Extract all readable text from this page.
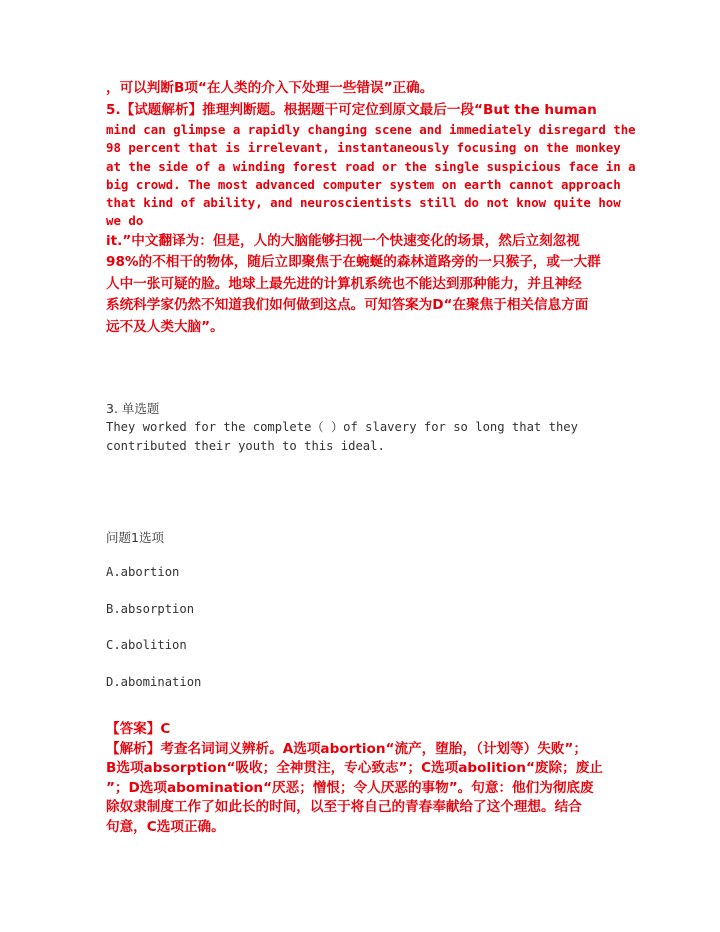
，可以判断B项“在人类的介入下处理一些错误”正确。
5.【试题解析】推理判断题。根据题干可定位到原文最后一段“But the human
mind can glimpse a rapidly changing scene and immediately disregard the
98 percent that is irrelevant, instantaneously focusing on the monkey
at the side of a winding forest road or the single suspicious face in a
big crowd. The most advanced computer system on earth cannot approach
that kind of ability, and neuroscientists still do not know quite how
we do
it.”中文翻译为：但是，人的大脑能够扫视一个快速变化的场景，然后立刻忽视
98%的不相干的物体，随后立即聚焦于在蜿蜒的森林道路旁的一只猴子，或一大群
人中一张可疑的脸。地球上最先进的计算机系统也不能达到那种能力，并且神经
系统科学家仍然不知道我们如何做到这点。可知答案为D“在聚焦于相关信息方面
远不及人类大脑”。
3. 单选题
They worked for the complete（ ）of slavery for so long that they
contributed their youth to this ideal.
问题1选项
A.abortion
B.absorption
C.abolition
D.abomination
【答案】C
【解析】考查名词词义辨析。A选项abortion“流产，堕胎，（计划等）失败”；
B选项absorption“吸收；全神贯注，专心致志”；C选项abolition“废除；废止
”；D选项abomination“厌恶；憎恨；令人厌恶的事物”。句意：他们为彻底废
除奴隶制度工作了如此长的时间，以至于将自己的青春奉献给了这个理想。结合
句意，C选项正确。
